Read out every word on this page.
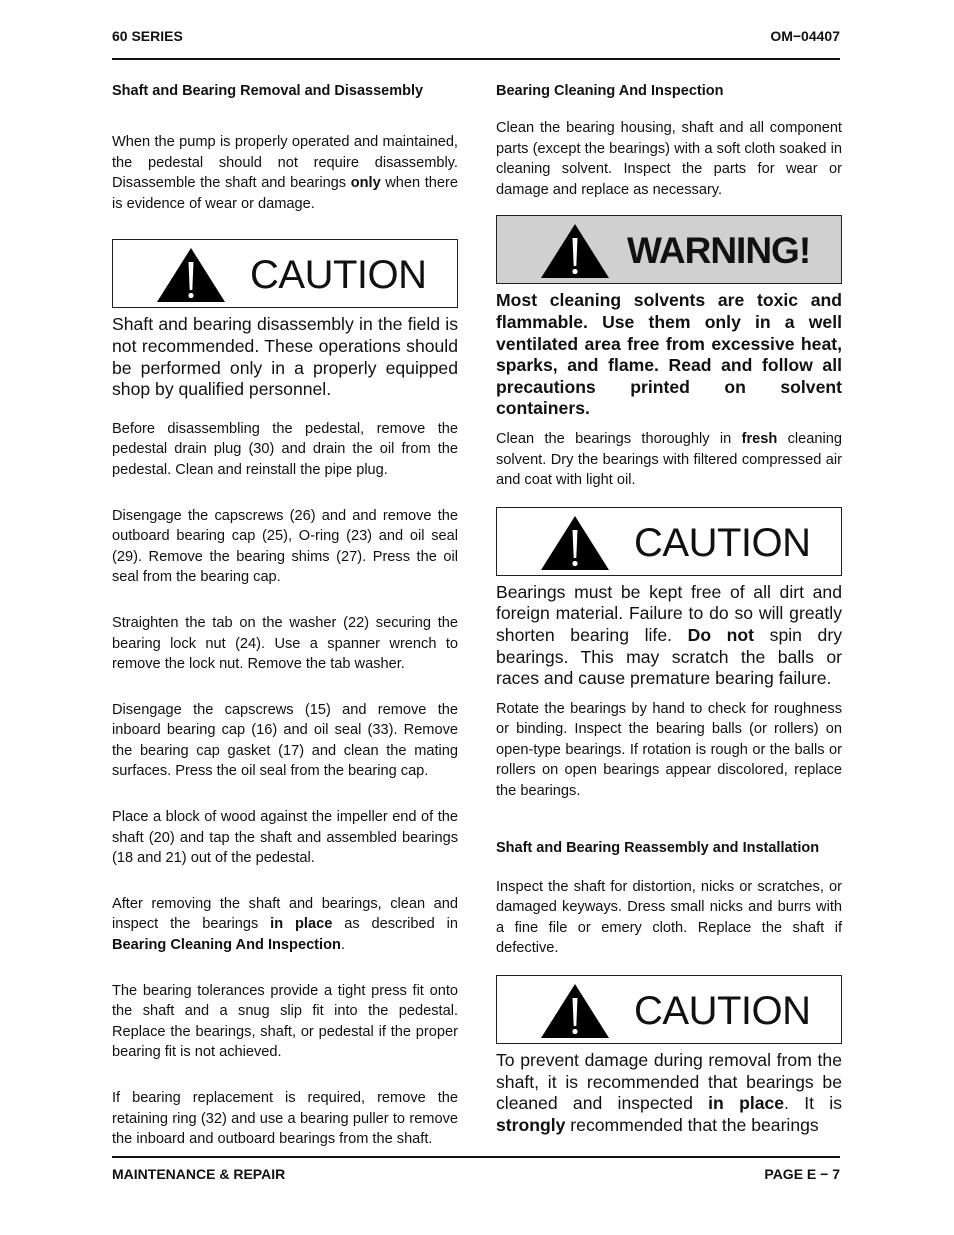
60 SERIES	OM−04407
Shaft and Bearing Removal and Disassembly

When the pump is properly operated and maintained, the pedestal should not require disassembly. Disassemble the shaft and bearings only when there is evidence of wear or damage.

CAUTION

Shaft and bearing disassembly in the field is not recommended. These operations should be performed only in a properly equipped shop by qualified personnel.

Before disassembling the pedestal, remove the pedestal drain plug (30) and drain the oil from the pedestal. Clean and reinstall the pipe plug.

Disengage the capscrews (26) and and remove the outboard bearing cap (25), O-ring (23) and oil seal (29). Remove the bearing shims (27). Press the oil seal from the bearing cap.

Straighten the tab on the washer (22) securing the bearing lock nut (24). Use a spanner wrench to remove the lock nut. Remove the tab washer.

Disengage the capscrews (15) and remove the inboard bearing cap (16) and oil seal (33). Remove the bearing cap gasket (17) and clean the mating surfaces. Press the oil seal from the bearing cap.

Place a block of wood against the impeller end of the shaft (20) and tap the shaft and assembled bearings (18 and 21) out of the pedestal.

After removing the shaft and bearings, clean and inspect the bearings in place as described in Bearing Cleaning And Inspection.

The bearing tolerances provide a tight press fit onto the shaft and a snug slip fit into the pedestal. Replace the bearings, shaft, or pedestal if the proper bearing fit is not achieved.

If bearing replacement is required, remove the retaining ring (32) and use a bearing puller to remove the inboard and outboard bearings from the shaft.

Bearing Cleaning And Inspection

Clean the bearing housing, shaft and all component parts (except the bearings) with a soft cloth soaked in cleaning solvent. Inspect the parts for wear or damage and replace as necessary.

WARNING!

Most cleaning solvents are toxic and flammable. Use them only in a well ventilated area free from excessive heat, sparks, and flame. Read and follow all precautions printed on solvent containers.

Clean the bearings thoroughly in fresh cleaning solvent. Dry the bearings with filtered compressed air and coat with light oil.

CAUTION

Bearings must be kept free of all dirt and foreign material. Failure to do so will greatly shorten bearing life. Do not spin dry bearings. This may scratch the balls or races and cause premature bearing failure.

Rotate the bearings by hand to check for roughness or binding. Inspect the bearing balls (or rollers) on open-type bearings. If rotation is rough or the balls or rollers on open bearings appear discolored, replace the bearings.

Shaft and Bearing Reassembly and Installation

Inspect the shaft for distortion, nicks or scratches, or damaged keyways. Dress small nicks and burrs with a fine file or emery cloth. Replace the shaft if defective.

CAUTION

To prevent damage during removal from the shaft, it is recommended that bearings be cleaned and inspected in place. It is strongly recommended that the bearings

MAINTENANCE & REPAIR	PAGE E − 7
